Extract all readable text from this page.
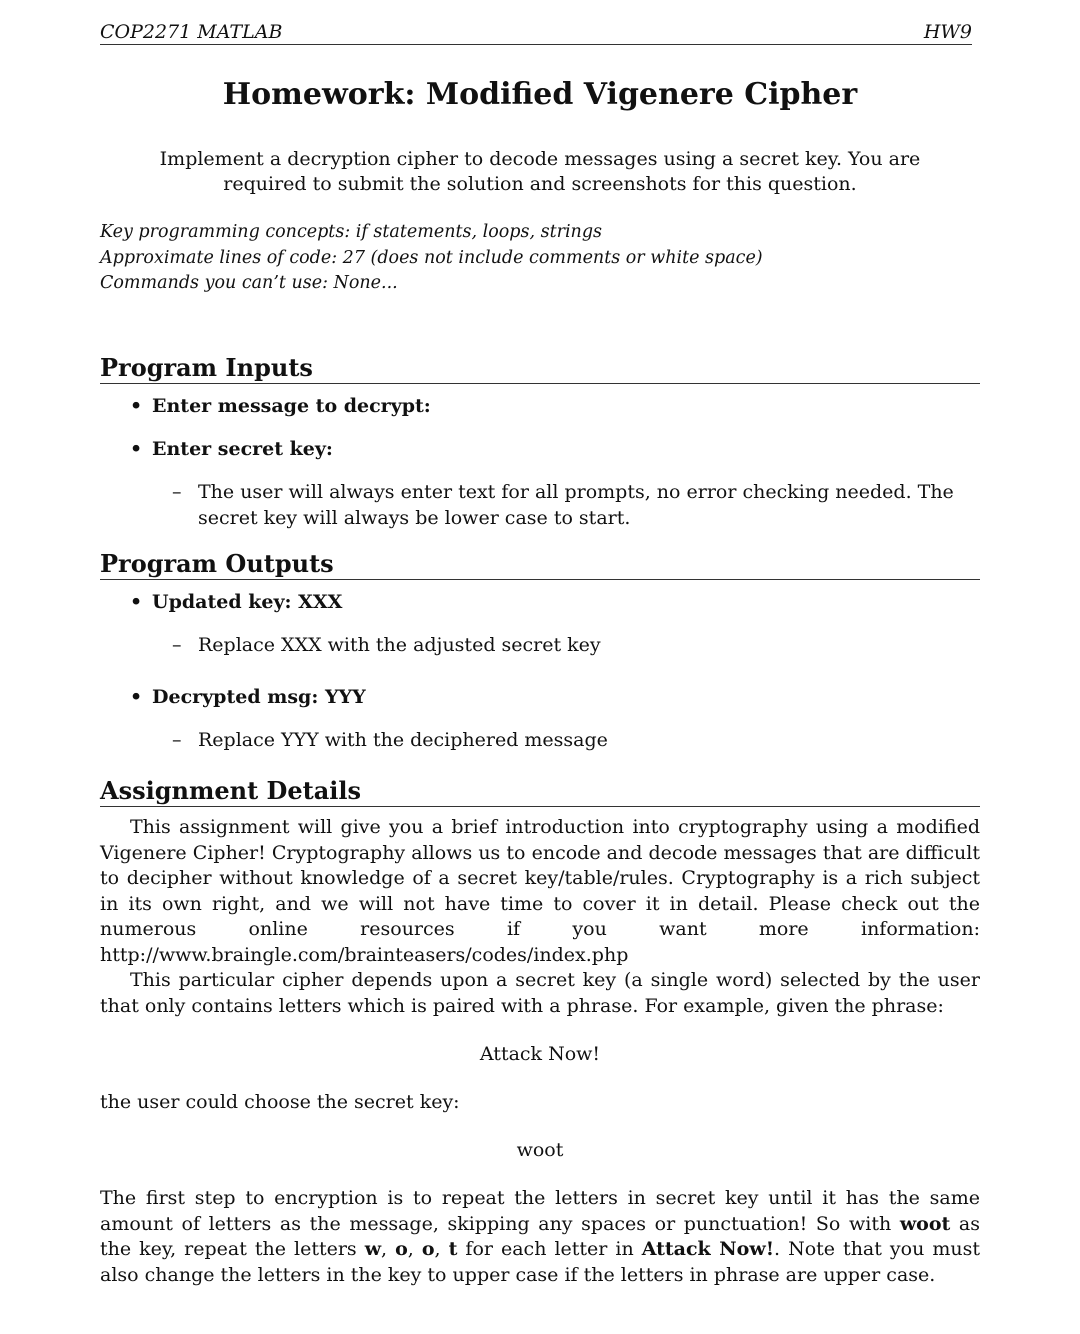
COP2271 MATLAB	HW9
Homework: Modified Vigenere Cipher
Implement a decryption cipher to decode messages using a secret key. You are required to submit the solution and screenshots for this question.
Key programming concepts: if statements, loops, strings
Approximate lines of code: 27 (does not include comments or white space)
Commands you can’t use: None...
Program Inputs
• Enter message to decrypt:
• Enter secret key:
– The user will always enter text for all prompts, no error checking needed. The secret key will always be lower case to start.
Program Outputs
• Updated key: XXX
– Replace XXX with the adjusted secret key
• Decrypted msg: YYY
– Replace YYY with the deciphered message
Assignment Details
This assignment will give you a brief introduction into cryptography using a modified Vigenere Cipher! Cryptography allows us to encode and decode messages that are difficult to decipher without knowledge of a secret key/table/rules. Cryptography is a rich subject in its own right, and we will not have time to cover it in detail. Please check out the numerous online resources if you want more information: http://www.braingle.com/brainteasers/codes/index.php
This particular cipher depends upon a secret key (a single word) selected by the user that only contains letters which is paired with a phrase. For example, given the phrase:
Attack Now!
the user could choose the secret key:
woot
The first step to encryption is to repeat the letters in secret key until it has the same amount of letters as the message, skipping any spaces or punctuation! So with woot as the key, repeat the letters w, o, o, t for each letter in Attack Now!. Note that you must also change the letters in the key to upper case if the letters in phrase are upper case.
